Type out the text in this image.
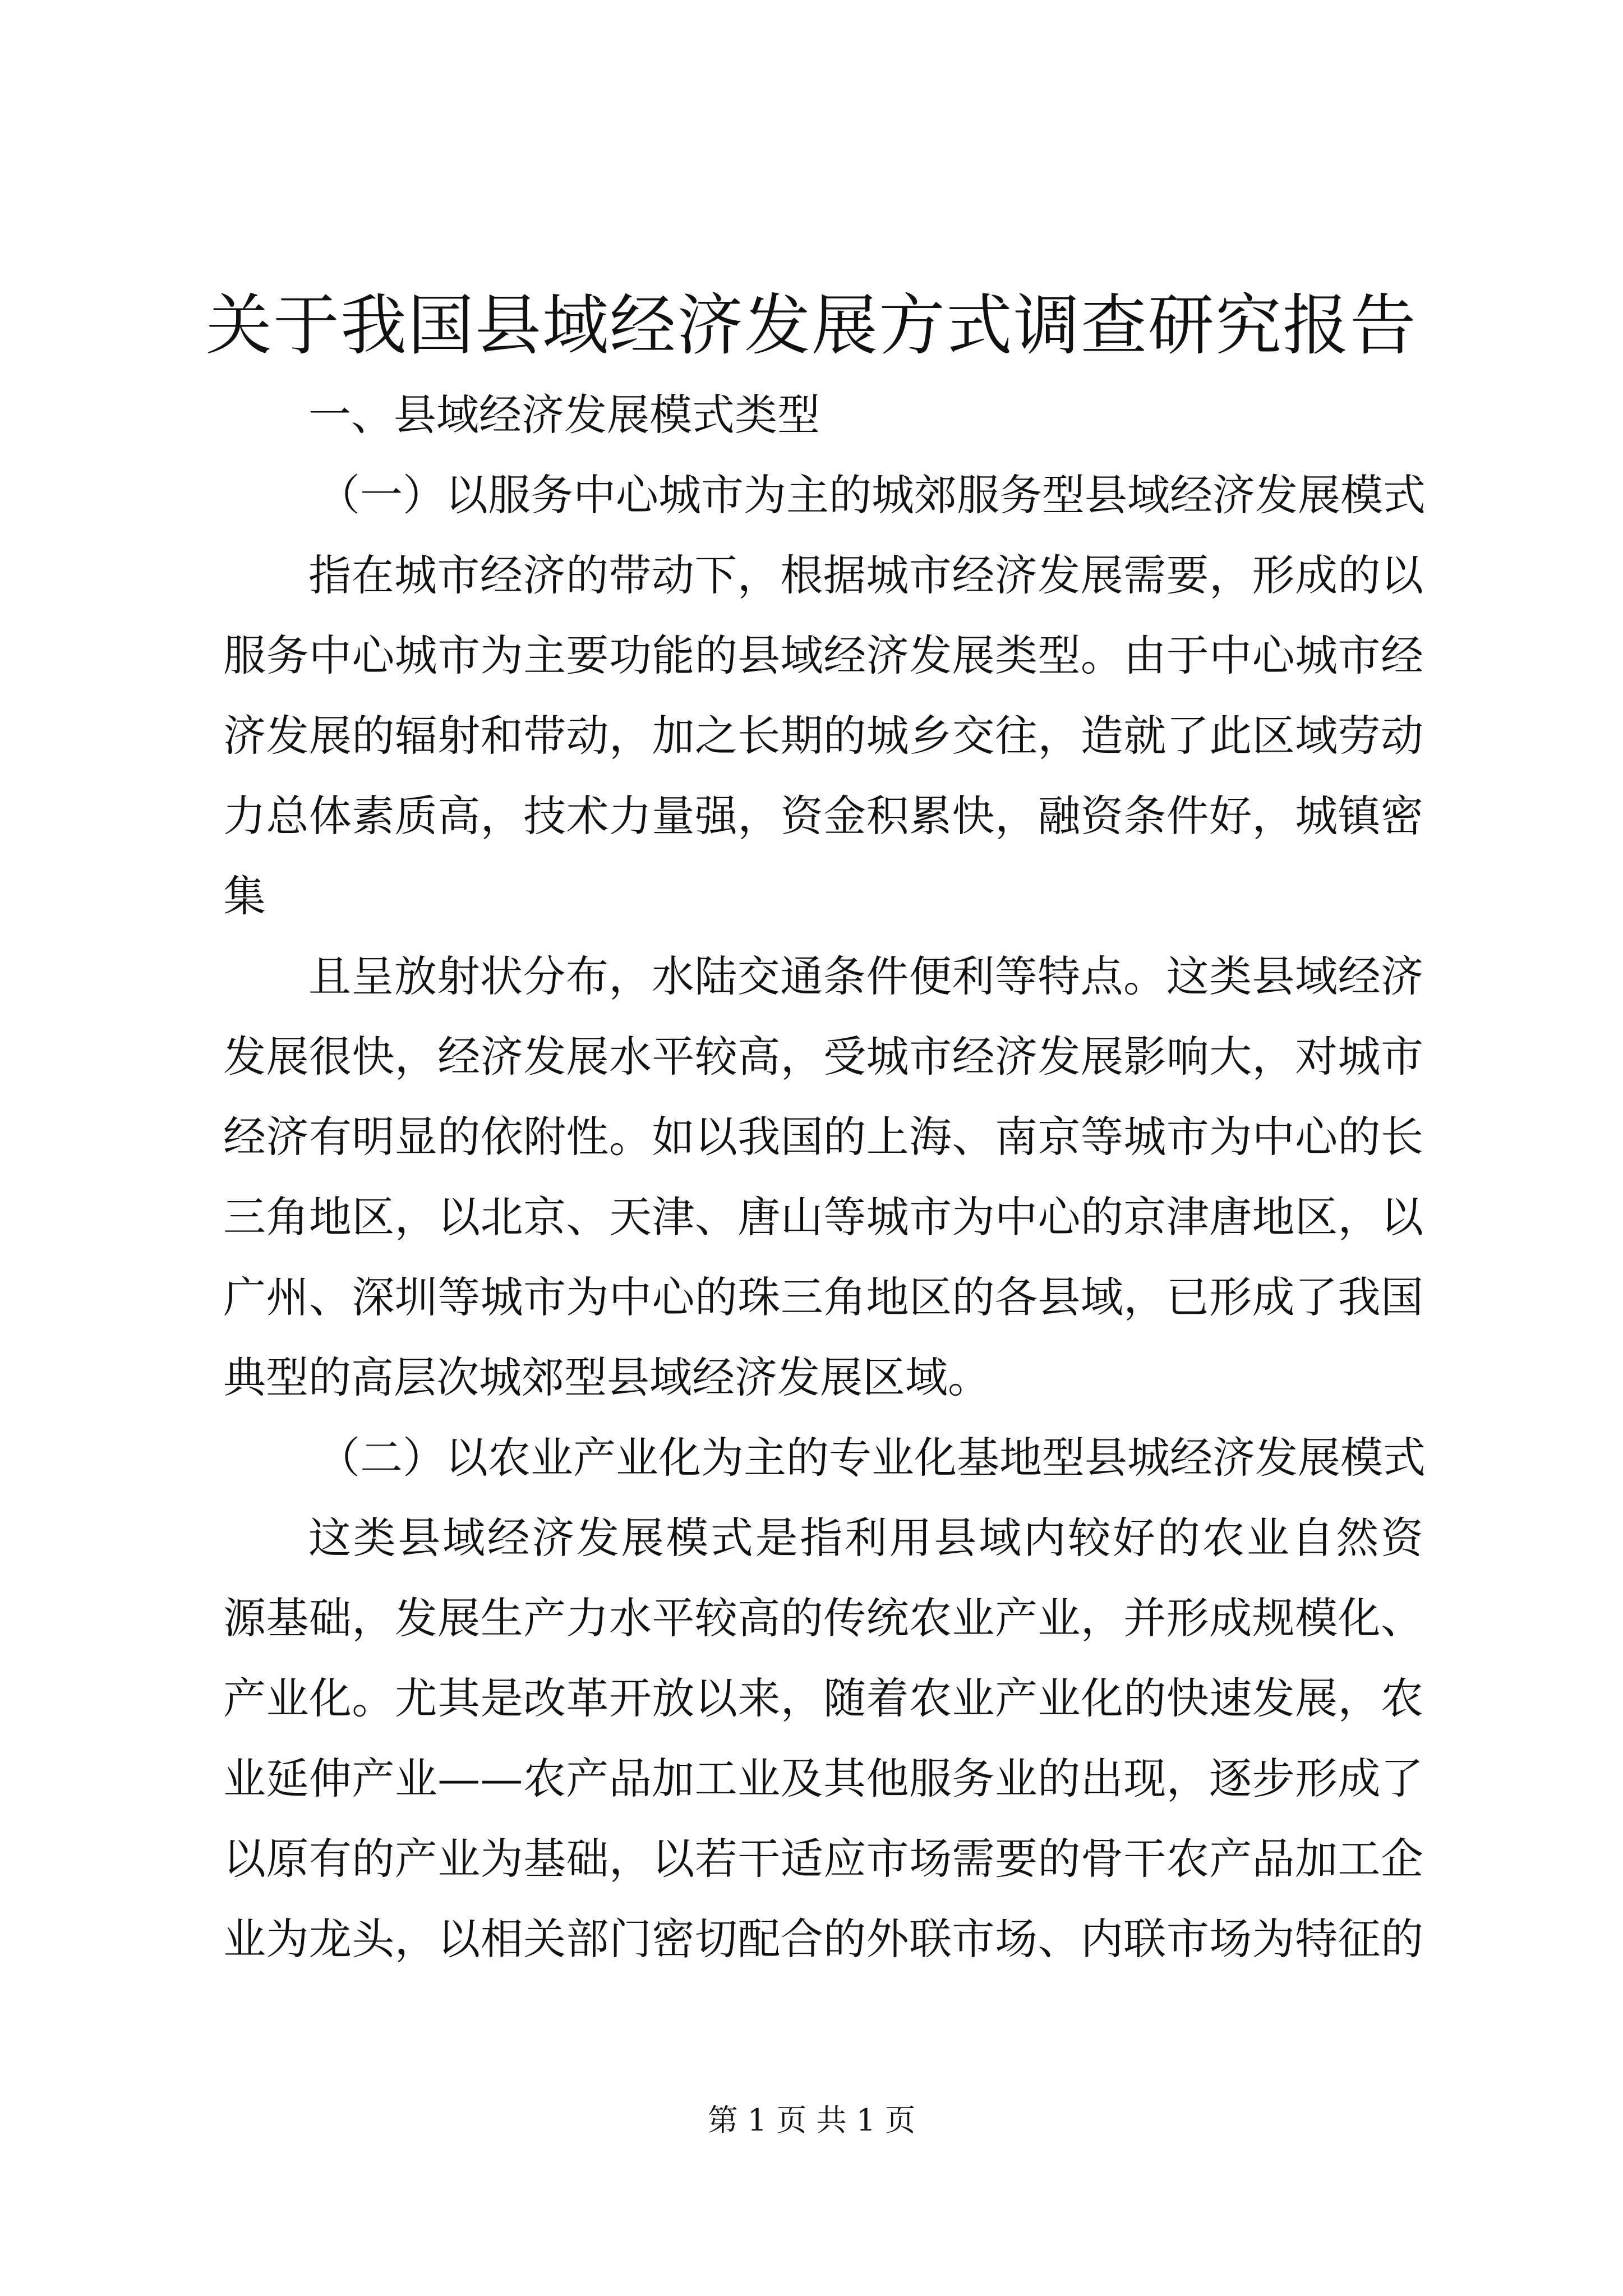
关于我国县域经济发展方式调查研究报告
一、县域经济发展模式类型
（一）以服务中心城市为主的城郊服务型县域经济发展模式
指在城市经济的带动下，根据城市经济发展需要，形成的以
服务中心城市为主要功能的县域经济发展类型。由于中心城市经
济发展的辐射和带动，加之长期的城乡交往，造就了此区域劳动
力总体素质高，技术力量强，资金积累快，融资条件好，城镇密
集
且呈放射状分布，水陆交通条件便利等特点。这类县域经济
发展很快，经济发展水平较高，受城市经济发展影响大，对城市
经济有明显的依附性。如以我国的上海、南京等城市为中心的长
三角地区，以北京、天津、唐山等城市为中心的京津唐地区，以
广州、深圳等城市为中心的珠三角地区的各县域，已形成了我国
典型的高层次城郊型县域经济发展区域。
（二）以农业产业化为主的专业化基地型县城经济发展模式
这类县域经济发展模式是指利用县域内较好的农业自然资
源基础，发展生产力水平较高的传统农业产业，并形成规模化、
产业化。尤其是改革开放以来，随着农业产业化的快速发展，农
业延伸产业——农产品加工业及其他服务业的出现，逐步形成了
以原有的产业为基础，以若干适应市场需要的骨干农产品加工企
业为龙头，以相关部门密切配合的外联市场、内联市场为特征的
第 1 页 共 1 页
